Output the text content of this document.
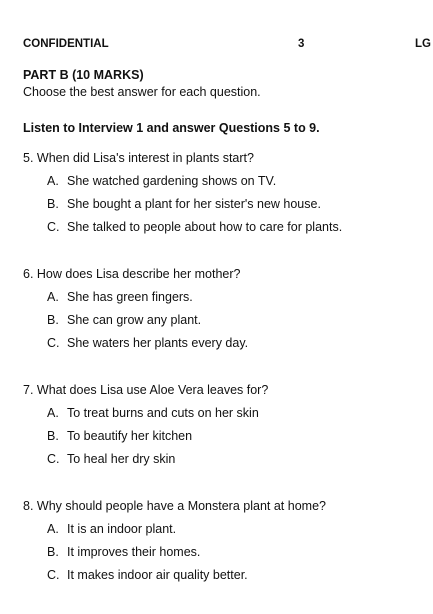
CONFIDENTIAL	3	LG
PART B (10 MARKS)
Choose the best answer for each question.
Listen to Interview 1 and answer Questions 5 to 9.
5. When did Lisa's interest in plants start?
A. She watched gardening shows on TV.
B. She bought a plant for her sister's new house.
C. She talked to people about how to care for plants.
6. How does Lisa describe her mother?
A. She has green fingers.
B. She can grow any plant.
C. She waters her plants every day.
7. What does Lisa use Aloe Vera leaves for?
A. To treat burns and cuts on her skin
B. To beautify her kitchen
C. To heal her dry skin
8. Why should people have a Monstera plant at home?
A. It is an indoor plant.
B. It improves their homes.
C. It makes indoor air quality better.
